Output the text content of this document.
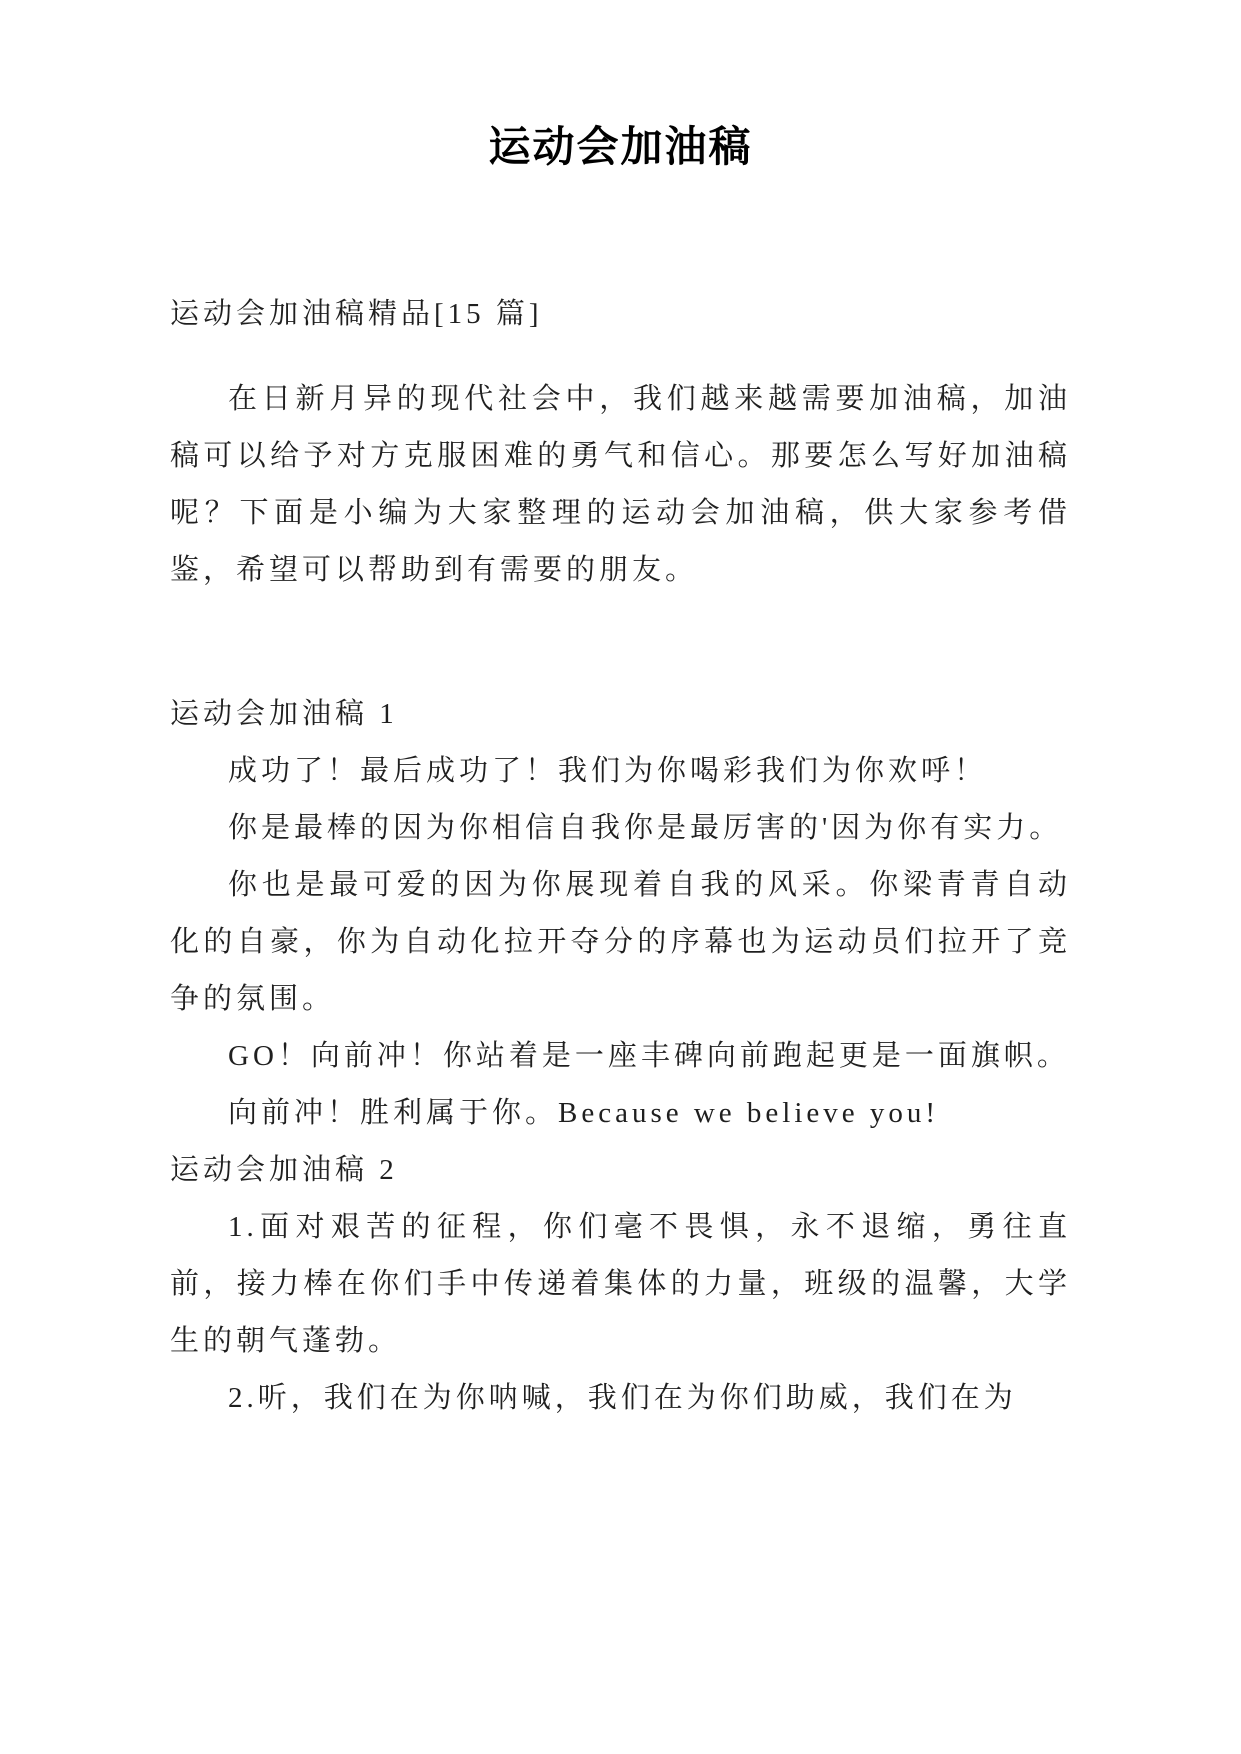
运动会加油稿

运动会加油稿精品[15 篇]

在日新月异的现代社会中，我们越来越需要加油稿，加油稿可以给予对方克服困难的勇气和信心。那要怎么写好加油稿呢？下面是小编为大家整理的运动会加油稿，供大家参考借鉴，希望可以帮助到有需要的朋友。

运动会加油稿 1

成功了！最后成功了！我们为你喝彩我们为你欢呼！

你是最棒的因为你相信自我你是最厉害的'因为你有实力。

你也是最可爱的因为你展现着自我的风采。你梁青青自动化的自豪，你为自动化拉开夺分的序幕也为运动员们拉开了竞争的氛围。

GO！向前冲！你站着是一座丰碑向前跑起更是一面旗帜。

向前冲！胜利属于你。Because we believe you!

运动会加油稿 2

1.面对艰苦的征程，你们毫不畏惧，永不退缩，勇往直前，接力棒在你们手中传递着集体的力量，班级的温馨，大学生的朝气蓬勃。

2.听，我们在为你呐喊，我们在为你们助威，我们在为
